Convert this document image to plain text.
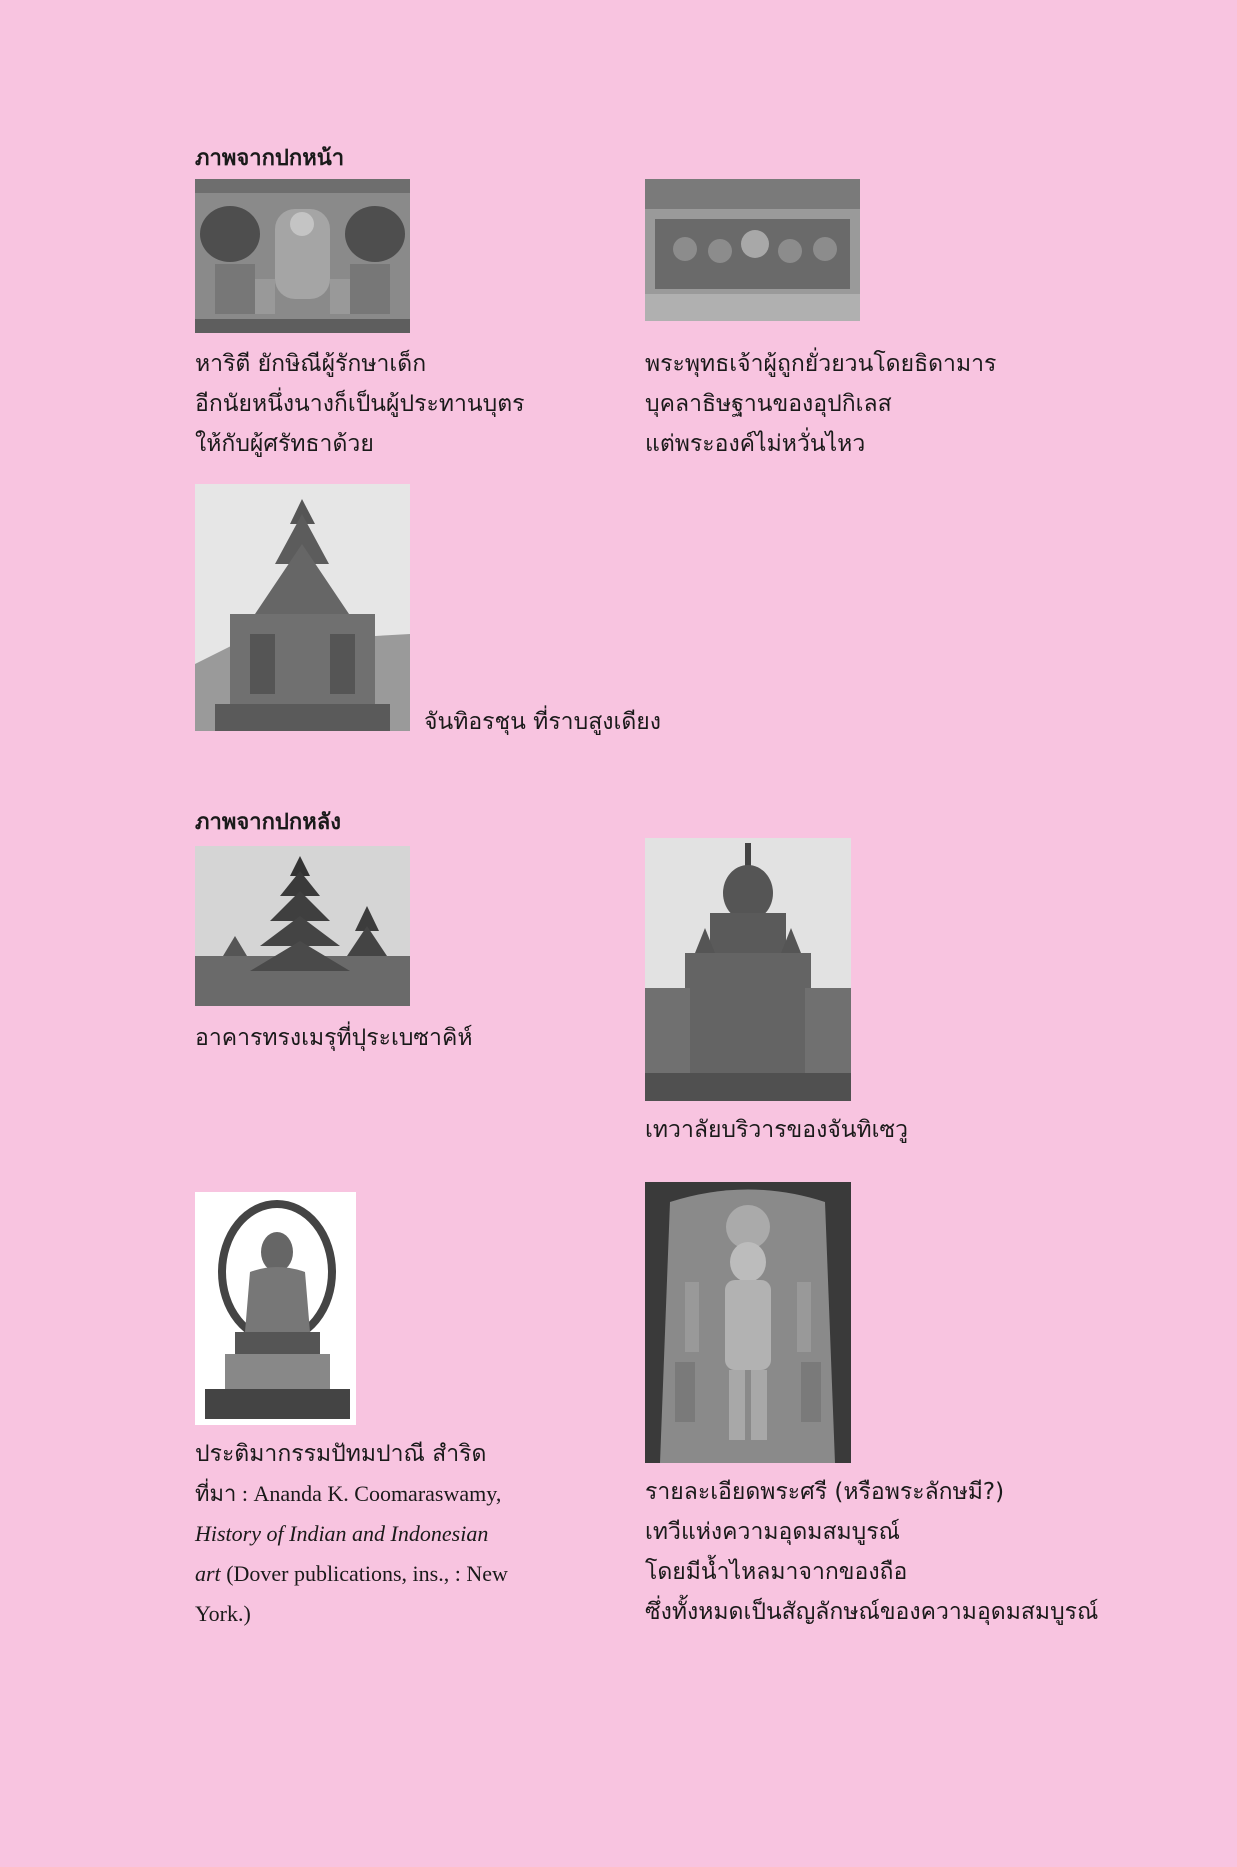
ภาพจากปกหน้า
หาริตี ยักษิณีผู้รักษาเด็ก
อีกนัยหนึ่งนางก็เป็นผู้ประทานบุตร
ให้กับผู้ศรัทธาด้วย
พระพุทธเจ้าผู้ถูกยั่วยวนโดยธิดามาร
บุคลาธิษฐานของอุปกิเลส
แต่พระองค์ไม่หวั่นไหว
จันทิอรชุน ที่ราบสูงเดียง
ภาพจากปกหลัง
อาคารทรงเมรุที่ปุระเบซาคิห์
เทวาลัยบริวารของจันทิเซวู
ประติมากรรมปัทมปาณี สำริด
ที่มา : Ananda K. Coomaraswamy,
History of Indian and Indonesian
art (Dover publications, ins., : New
York.)
รายละเอียดพระศรี (หรือพระลักษมี?)
เทวีแห่งความอุดมสมบูรณ์
โดยมีน้ำไหลมาจากของถือ
ซึ่งทั้งหมดเป็นสัญลักษณ์ของความอุดมสมบูรณ์
